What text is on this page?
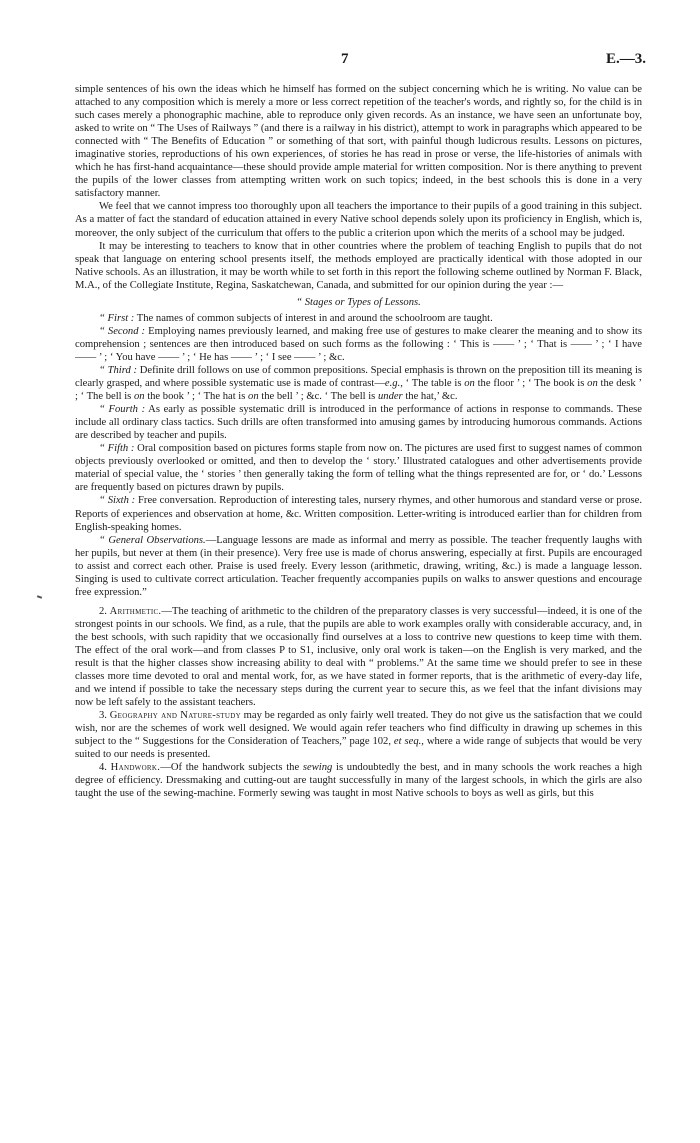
7	E.—3.

simple sentences of his own the ideas which he himself has formed on the subject concerning which he is writing. No value can be attached to any composition which is merely a more or less correct repetition of the teacher's words, and rightly so, for the child is in such cases merely a phonographic machine, able to reproduce only given records. As an instance, we have seen an unfortunate boy, asked to write on “ The Uses of Railways ” (and there is a railway in his district), attempt to work in paragraphs which appeared to be connected with “ The Benefits of Education ” or something of that sort, with painful though ludicrous results. Lessons on pictures, imaginative stories, reproductions of his own experiences, of stories he has read in prose or verse, the life-histories of animals with which he has first-hand acquaintance—these should provide ample material for written composition. Nor is there anything to prevent the pupils of the lower classes from attempting written work on such topics; indeed, in the best schools this is done in a very satisfactory manner.

We feel that we cannot impress too thoroughly upon all teachers the importance to their pupils of a good training in this subject. As a matter of fact the standard of education attained in every Native school depends solely upon its proficiency in English, which is, moreover, the only subject of the curriculum that offers to the public a criterion upon which the merits of a school may be judged.

It may be interesting to teachers to know that in other countries where the problem of teaching English to pupils that do not speak that language on entering school presents itself, the methods employed are practically identical with those adopted in our Native schools. As an illustration, it may be worth while to set forth in this report the following scheme outlined by Norman F. Black, M.A., of the Collegiate Institute, Regina, Saskatchewan, Canada, and submitted for our opinion during the year :—

“ Stages or Types of Lessons.

“ First : The names of common subjects of interest in and around the schoolroom are taught.

“ Second : Employing names previously learned, and making free use of gestures to make clearer the meaning and to show its comprehension ; sentences are then introduced based on such forms as the following : ‘ This is —— ’ ; ‘ That is —— ’ ; ‘ I have —— ’ ; ‘ You have —— ’ ; ‘ He has —— ’ ; ‘ I see —— ’ ; &c.

“ Third : Definite drill follows on use of common prepositions. Special emphasis is thrown on the preposition till its meaning is clearly grasped, and where possible systematic use is made of contrast—e.g., ‘ The table is on the floor ’ ; ‘ The book is on the desk ’ ; ‘ The bell is on the book ’ ; ‘ The hat is on the bell ’ ; &c. ‘ The bell is under the hat,’ &c.

“ Fourth : As early as possible systematic drill is introduced in the performance of actions in response to commands. These include all ordinary class tactics. Such drills are often transformed into amusing games by introducing humorous commands. Actions are described by teacher and pupils.

“ Fifth : Oral composition based on pictures forms staple from now on. The pictures are used first to suggest names of common objects previously overlooked or omitted, and then to develop the ‘ story.’ Illustrated catalogues and other advertisements provide material of special value, the ‘ stories ’ then generally taking the form of telling what the things represented are for, or ‘ do.’ Lessons are frequently based on pictures drawn by pupils.

“ Sixth : Free conversation. Reproduction of interesting tales, nursery rhymes, and other humorous and standard verse or prose. Reports of experiences and observation at home, &c. Written composition. Letter-writing is introduced earlier than for children from English-speaking homes.

“ General Observations.—Language lessons are made as informal and merry as possible. The teacher frequently laughs with her pupils, but never at them (in their presence). Very free use is made of chorus answering, especially at first. Pupils are encouraged to assist and correct each other. Praise is used freely. Every lesson (arithmetic, drawing, writing, &c.) is made a language lesson. Singing is used to cultivate correct articulation. Teacher frequently accompanies pupils on walks to answer questions and encourage free expression.”

2. Arithmetic.—The teaching of arithmetic to the children of the preparatory classes is very successful—indeed, it is one of the strongest points in our schools. We find, as a rule, that the pupils are able to work examples orally with considerable accuracy, and, in the best schools, with such rapidity that we occasionally find ourselves at a loss to contrive new questions to keep time with them. The effect of the oral work—and from classes P to S1, inclusive, only oral work is taken—on the English is very marked, and the result is that the higher classes show increasing ability to deal with “ problems.” At the same time we should prefer to see in these classes more time devoted to oral and mental work, for, as we have stated in former reports, that is the arithmetic of every-day life, and we intend if possible to take the necessary steps during the current year to secure this, as we feel that the infant divisions may now be left safely to the assistant teachers.

3. Geography and Nature-study may be regarded as only fairly well treated. They do not give us the satisfaction that we could wish, nor are the schemes of work well designed. We would again refer teachers who find difficulty in drawing up schemes in this subject to the “ Suggestions for the Consideration of Teachers,” page 102, et seq., where a wide range of subjects that would be very suited to our needs is presented.

4. Handwork.—Of the handwork subjects the sewing is undoubtedly the best, and in many schools the work reaches a high degree of efficiency. Dressmaking and cutting-out are taught successfully in many of the largest schools, in which the girls are also taught the use of the sewing-machine. Formerly sewing was taught in most Native schools to boys as well as girls, but this
